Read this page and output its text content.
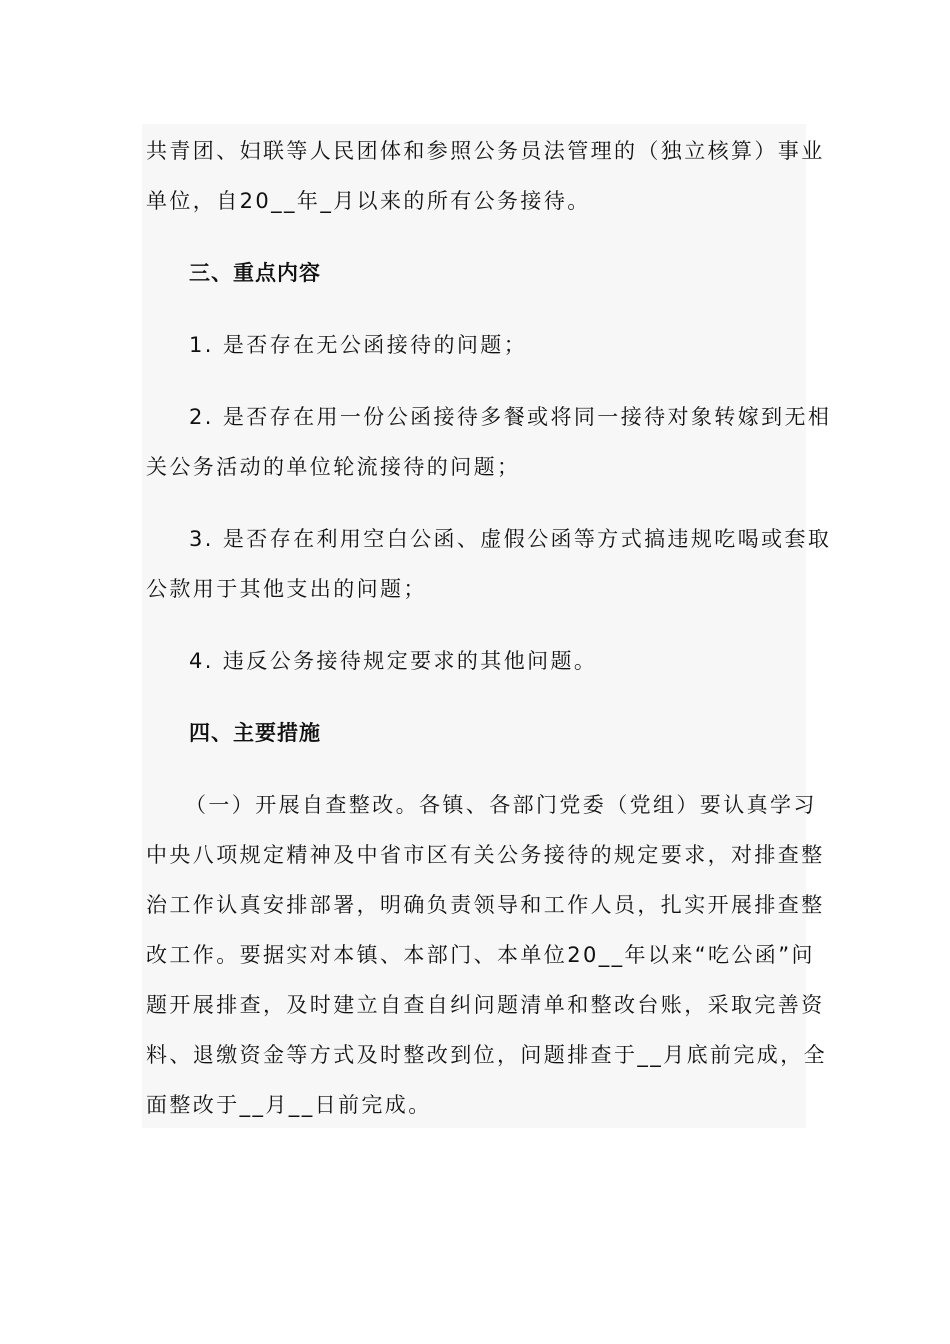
共青团、妇联等人民团体和参照公务员法管理的（独立核算）事业
单位，自20__年_月以来的所有公务接待。
三、重点内容
1. 是否存在无公函接待的问题；
2. 是否存在用一份公函接待多餐或将同一接待对象转嫁到无相
关公务活动的单位轮流接待的问题；
3. 是否存在利用空白公函、虚假公函等方式搞违规吃喝或套取
公款用于其他支出的问题；
4. 违反公务接待规定要求的其他问题。
四、主要措施
（一）开展自查整改。各镇、各部门党委（党组）要认真学习
中央八项规定精神及中省市区有关公务接待的规定要求，对排查整
治工作认真安排部署，明确负责领导和工作人员，扎实开展排查整
改工作。要据实对本镇、本部门、本单位20__年以来“吃公函”问
题开展排查，及时建立自查自纠问题清单和整改台账，采取完善资
料、退缴资金等方式及时整改到位，问题排查于__月底前完成，全
面整改于__月__日前完成。
